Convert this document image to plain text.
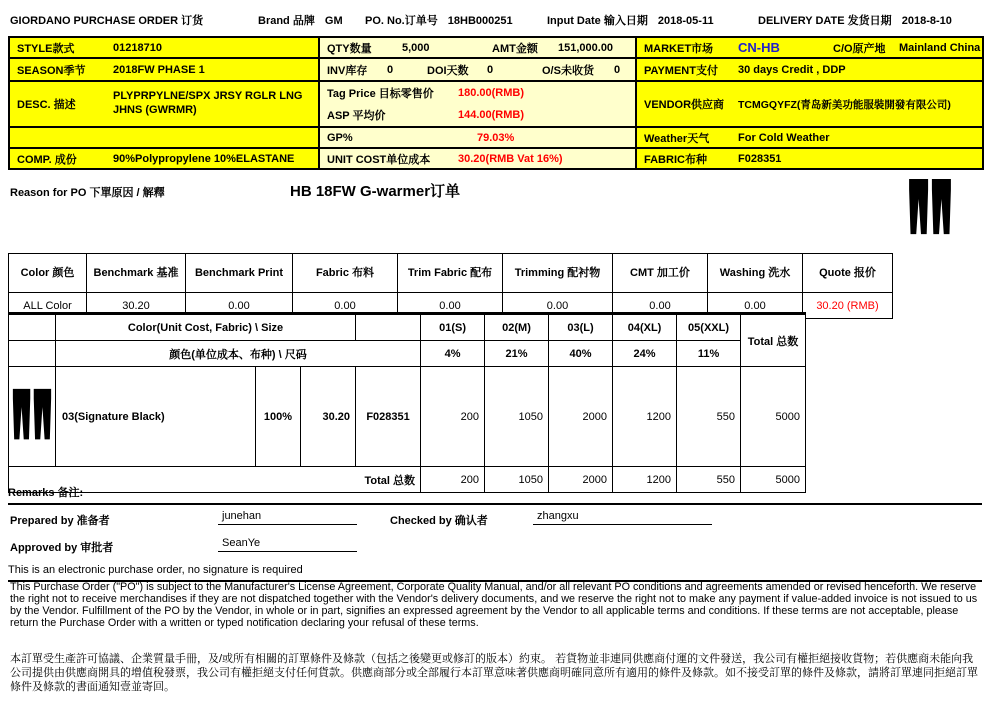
GIORDANO PURCHASE ORDER 订货	Brand 品牌 GM PO. No.订单号 18HB000251	Input Date 输入日期 2018-05-11	DELIVERY DATE 发货日期 2018-8-10
STYLE款式	01218710	QTY数量 5,000 AMT金额 151,000.00	MARKET市场	CN-HB C/O原产地 Mainland China

SEASON季节	2018FW PHASE 1	INV库存	0	DOI天数	0	O/S未收货	0	PAYMENT支付	30 days Credit , DDP
DESC. 描述	PLYPRPYLNE/SPX JRSY RGLR LNG JHNS (GWRMR)	Tag Price 目标零售价 180.00(RMB)
ASP 平均价 144.00(RMB)	VENDOR供应商	TCMGQYFZ(青岛新美功能服裝開發有限公司)

		GP% 79.03%	Weather天气	For Cold Weather
COMP. 成份	90%Polypropylene 10%ELASTANE	UNIT COST单位成本 30.20(RMB Vat 16%)	FABRIC布种	F028351
Reason for PO 下單原因 / 解釋	HB 18FW G-warmer订单
Color 颜色	Benchmark 基准	Benchmark Print	Fabric 布料	Trim Fabric 配布	Trimming 配衬物	CMT 加工价	Washing 洗水	Quote 报价
ALL Color	30.20	0.00	0.00	0.00	0.00	0.00	0.00	30.20 (RMB)
	Color(Unit Cost, Fabric) \ Size				01(S)	02(M)	03(L)	04(XL)	05(XXL)	Total 总数
	颜色(单位成本、布种) \ 尺码				4%	21%	40%	24%	11%	
	03(Signature Black)	100%	30.20	F028351	200	1050	2000	1200	550	5000
Total 总数					200	1050	2000	1200	550	5000
Remarks 备注:
Prepared by 准备者	junehan	Checked by 确认者	zhangxu
Approved by 审批者	SeanYe
This is an electronic purchase order, no signature is required
This Purchase Order ("PO") is subject to the Manufacturer's License Agreement, Corporate Quality Manual, and/or all relevant PO conditions and agreements amended or revised henceforth. We reserve the right not to receive merchandises if they are not dispatched together with the Vendor's delivery documents, and we reserve the right not to make any payment if value-added invoice is not issued to us by the Vendor. Fulfillment of the PO by the Vendor, in whole or in part, signifies an expressed agreement by the Vendor to all applicable terms and conditions. If these terms are not acceptable, please return the Purchase Order with a written or typed notification declaring your refusal of these terms.
本訂單受生產許可協議、企業質量手冊，及/或所有相關的訂單條件及條款（包括之後變更或修訂的版本）約束。 若貨物並非連同供應商付運的文件發送，我公司有權拒絕接收貨物；若供應商未能向我公司提供由供應商開具的增值稅發票，我公司有權拒絕支付任何貨款。供應商部分或全部履行本訂單意味著供應商明確同意所有適用的條件及條款。如不接受訂單的條件及條款，請將訂單連同拒絕訂單條件及條款的書面通知壹並寄回。
